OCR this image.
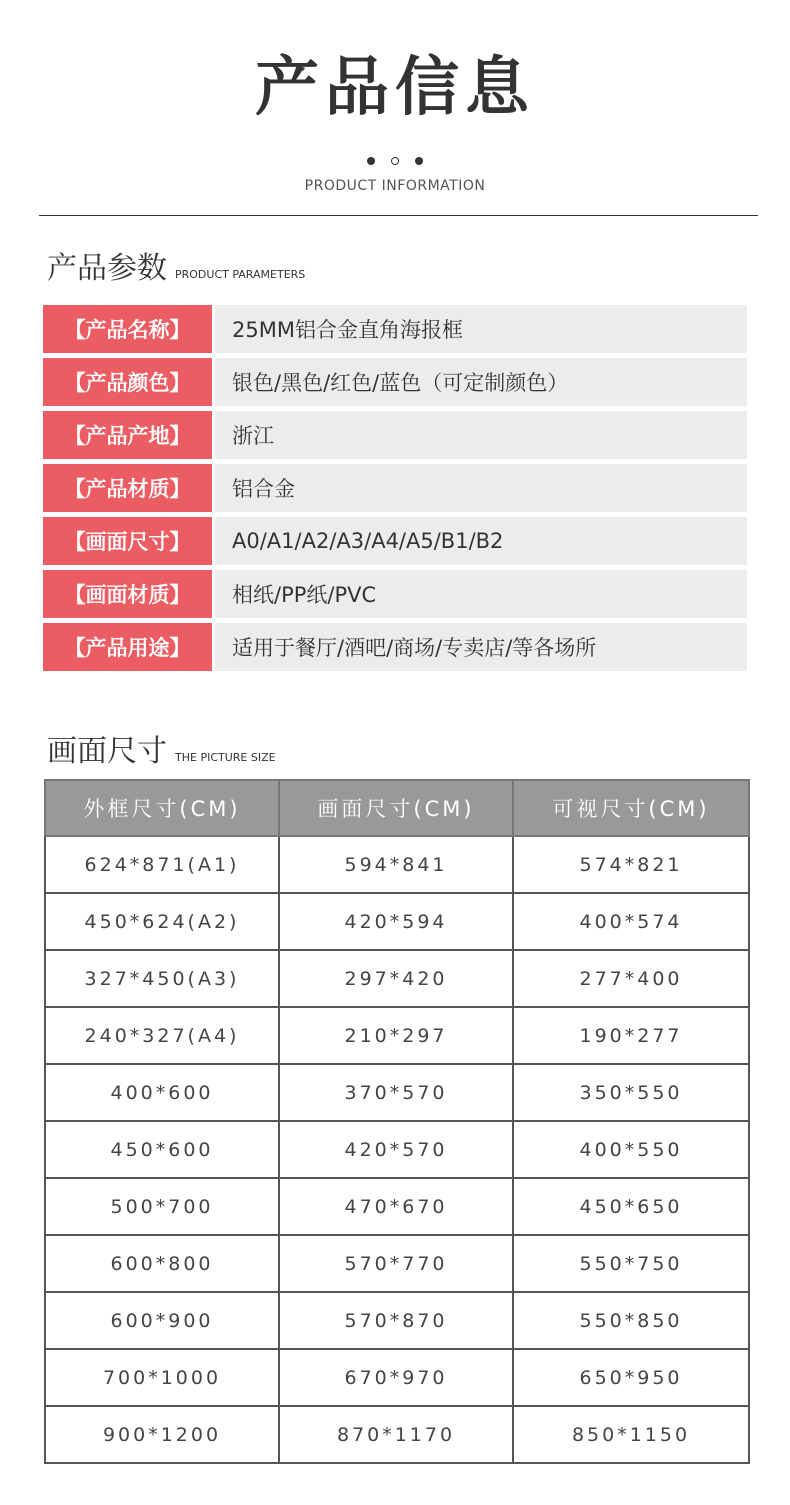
产品信息
PRODUCT INFORMATION
产品参数 PRODUCT PARAMETERS
【产品名称】	25MM铝合金直角海报框
【产品颜色】	银色/黑色/红色/蓝色（可定制颜色）
【产品产地】	浙江
【产品材质】	铝合金
【画面尺寸】	A0/A1/A2/A3/A4/A5/B1/B2
【画面材质】	相纸/PP纸/PVC
【产品用途】	适用于餐厅/酒吧/商场/专卖店/等各场所
画面尺寸 THE PICTURE SIZE
外框尺寸(CM)	画面尺寸(CM)	可视尺寸(CM)
624*871(A1)	594*841	574*821
450*624(A2)	420*594	400*574
327*450(A3)	297*420	277*400
240*327(A4)	210*297	190*277
400*600	370*570	350*550
450*600	420*570	400*550
500*700	470*670	450*650
600*800	570*770	550*750
600*900	570*870	550*850
700*1000	670*970	650*950
900*1200	870*1170	850*1150
